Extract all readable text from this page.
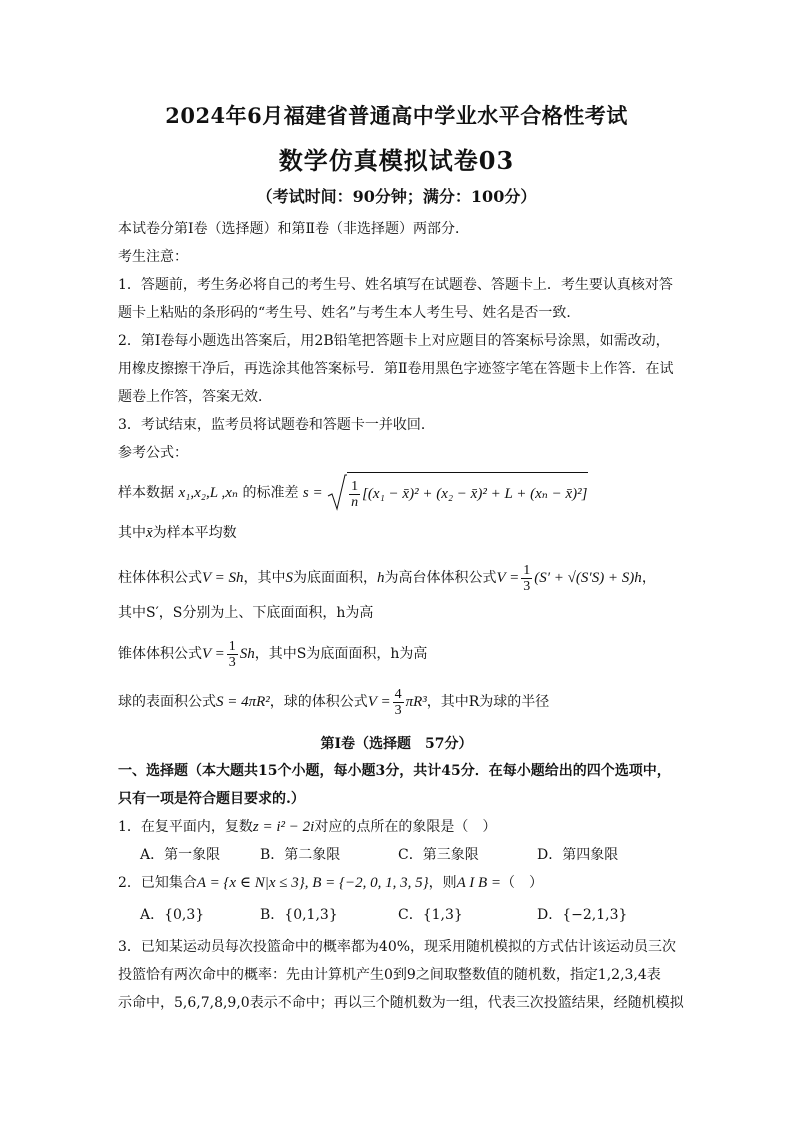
2024年6月福建省普通高中学业水平合格性考试
数学仿真模拟试卷03
（考试时间：90分钟；满分：100分）
本试卷分第Ⅰ卷（选择题）和第Ⅱ卷（非选择题）两部分．
考生注意：
1．答题前，考生务必将自己的考生号、姓名填写在试题卷、答题卡上．考生要认真核对答
题卡上粘贴的条形码的“考生号、姓名”与考生本人考生号、姓名是否一致．
2．第Ⅰ卷每小题选出答案后，用2B铅笔把答题卡上对应题目的答案标号涂黑，如需改动，
用橡皮擦擦干净后，再选涂其他答案标号．第Ⅱ卷用黑色字迹签字笔在答题卡上作答．在试
题卷上作答，答案无效．
3．考试结束，监考员将试题卷和答题卡一并收回．
参考公式：
样本数据 x₁,x₂,L ,xₙ 的标准差 $s = \frac{1}{n} [(x_1$ − x̄)² + (x₂ − x̄)² + L + (xₙ − x̄)²]
其中x̄为样本平均数
柱体体积公式V = Sh，其中S为底面面积，h为高台体体积公式$V = \frac{1}{3} (S' + √(S'S) + S)h$，
其中S′，S分别为上、下底面面积，h为高
锥体体积公式$V = \frac{1}{3}$ Sh，其中S为底面面积，h为高
球的表面积公式S = 4πR²，球的体积公式$V = \frac{4}{3} \pi R^3$，其中R为球的半径
第Ⅰ卷（选择题　57分）
一、选择题（本大题共15个小题，每小题3分，共计45分．在每小题给出的四个选项中，
只有一项是符合题目要求的.）
1．在复平面内，复数z = i² − 2i对应的点所在的象限是（　）
A．第一象限	B．第二象限	C．第三象限	D．第四象限
2．已知集合A = {x ∈ N|x ≤ 3}, B = {−2, 0, 1, 3, 5}，则A I B =（　）
A．{0,3}	B．{0,1,3}	C．{1,3}	D．{−2,1,3}
3．已知某运动员每次投篮命中的概率都为40%，现采用随机模拟的方式估计该运动员三次
投篮恰有两次命中的概率：先由计算机产生0到9之间取整数值的随机数，指定1,2,3,4表
示命中，5,6,7,8,9,0表示不命中；再以三个随机数为一组，代表三次投篮结果，经随机模拟
